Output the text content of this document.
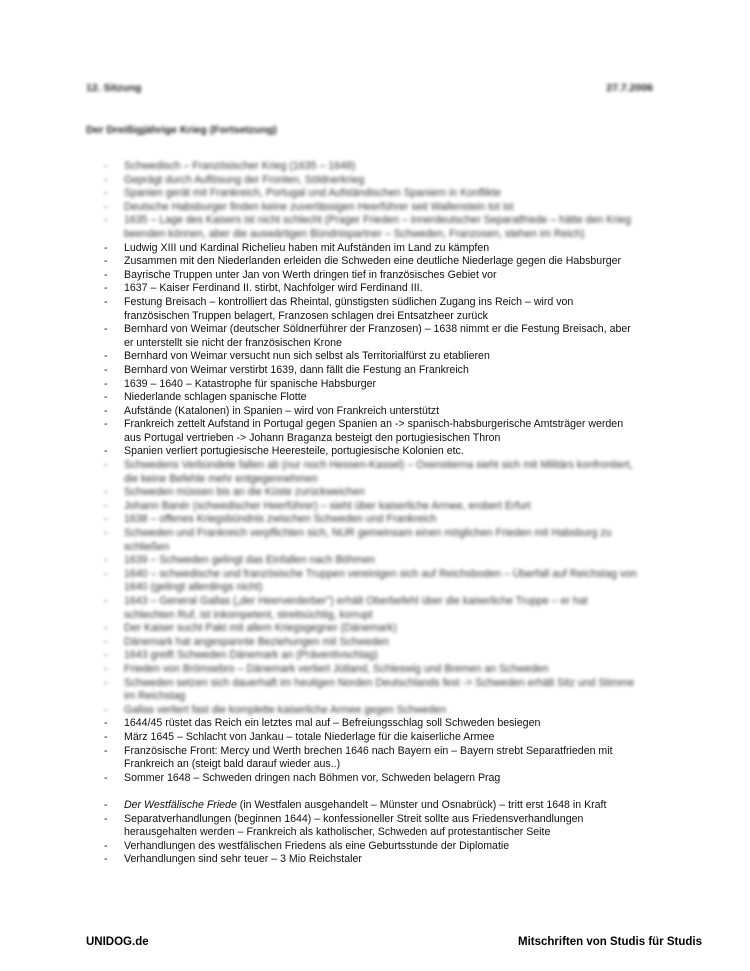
12. Sitzung	27.7.2006
Der Dreißigjährige Krieg (Fortsetzung)
- Schwedisch – Französischer Krieg (1635 – 1648)
- Geprägt durch Auflösung der Fronten, Söldnerkrieg
- Spanien gerät mit Frankreich, Portugal und Aufständischen Spaniern in Konflikte
- Deutsche Habsburger finden keine zuverlässigen Heerführer seit Wallenstein tot ist
- 1635 – Lage des Kaisers ist nicht schlecht (Prager Frieden – innerdeutscher Separatfriede – hätte den Krieg beenden können, aber die auswärtigen Bündnispartner – Schweden, Franzosen, stehen im Reich)
- Ludwig XIII und Kardinal Richelieu haben mit Aufständen im Land zu kämpfen
- Zusammen mit den Niederlanden erleiden die Schweden eine deutliche Niederlage gegen die Habsburger
- Bayrische Truppen unter Jan von Werth dringen tief in französisches Gebiet vor
- 1637 – Kaiser Ferdinand II. stirbt, Nachfolger wird Ferdinand III.
- Festung Breisach – kontrolliert das Rheintal, günstigsten südlichen Zugang ins Reich – wird von französischen Truppen belagert, Franzosen schlagen drei Entsatzheer zurück
- Bernhard von Weimar (deutscher Söldnerführer der Franzosen) – 1638 nimmt er die Festung Breisach, aber er unterstellt sie nicht der französischen Krone
- Bernhard von Weimar versucht nun sich selbst als Territorialfürst zu etablieren
- Bernhard von Weimar verstirbt 1639, dann fällt die Festung an Frankreich
- 1639 – 1640 – Katastrophe für spanische Habsburger
- Niederlande schlagen spanische Flotte
- Aufstände (Katalonen) in Spanien – wird von Frankreich unterstützt
- Frankreich zettelt Aufstand in Portugal gegen Spanien an -> spanisch-habsburgerische Amtsträger werden aus Portugal vertrieben -> Johann Braganza besteigt den portugiesischen Thron
- Spanien verliert portugiesische Heeresteile, portugiesische Kolonien etc.
- Schwedens Verbündete fallen ab (nur noch Hessen-Kassel) – Oxenstierna sieht sich mit Militärs konfrontiert, die keine Befehle mehr entgegennehmen
- Schweden müssen bis an die Küste zurückweichen
- Johann Banér (schwedischer Heerführer) – sieht über kaiserliche Armee, erobert Erfurt
- 1638 – offenes Kriegsbündnis zwischen Schweden und Frankreich
- Schweden und Frankreich verpflichten sich, NUR gemeinsam einen möglichen Frieden mit Habsburg zu schließen
- 1639 – Schweden gelingt das Einfallen nach Böhmen
- 1640 – schwedische und französische Truppen vereinigen sich auf Reichsboden – Überfall auf Reichstag von 1640 (gelingt allerdings nicht)
- 1643 – General Gallas („der Heerverderber") erhält Oberbefehl über die kaiserliche Truppe – er hat schlechten Ruf, ist inkompetent, streitsüchtig, korrupt
- Der Kaiser sucht Pakt mit allem Kriegsgegner (Dänemark)
- Dänemark hat angespannte Beziehungen mit Schweden
- 1643 greift Schweden Dänemark an (Präventivschlag)
- Frieden von Brömsebro – Dänemark verliert Jütland, Schleswig und Bremen an Schweden
- Schweden setzen sich dauerhaft im heutigen Norden Deutschlands fest -> Schweden erhält Sitz und Stimme im Reichstag
- Gallas verliert fast die komplette kaiserliche Armee gegen Schweden
- 1644/45 rüstet das Reich ein letztes mal auf – Befreiungsschlag soll Schweden besiegen
- März 1645 – Schlacht von Jankau – totale Niederlage für die kaiserliche Armee
- Französische Front: Mercy und Werth brechen 1646 nach Bayern ein – Bayern strebt Separatfrieden mit Frankreich an (steigt bald darauf wieder aus..)
- Sommer 1648 – Schweden dringen nach Böhmen vor, Schweden belagern Prag
- Der Westfälische Friede (in Westfalen ausgehandelt – Münster und Osnabrück) – tritt erst 1648 in Kraft
- Separatverhandlungen (beginnen 1644) – konfessioneller Streit sollte aus Friedensverhandlungen herausgehalten werden – Frankreich als katholischer, Schweden auf protestantischer Seite
- Verhandlungen des westfälischen Friedens als eine Geburtsstunde der Diplomatie
- Verhandlungen sind sehr teuer – 3 Mio Reichstaler
UNIDOG.de	Mitschriften von Studis für Studis
